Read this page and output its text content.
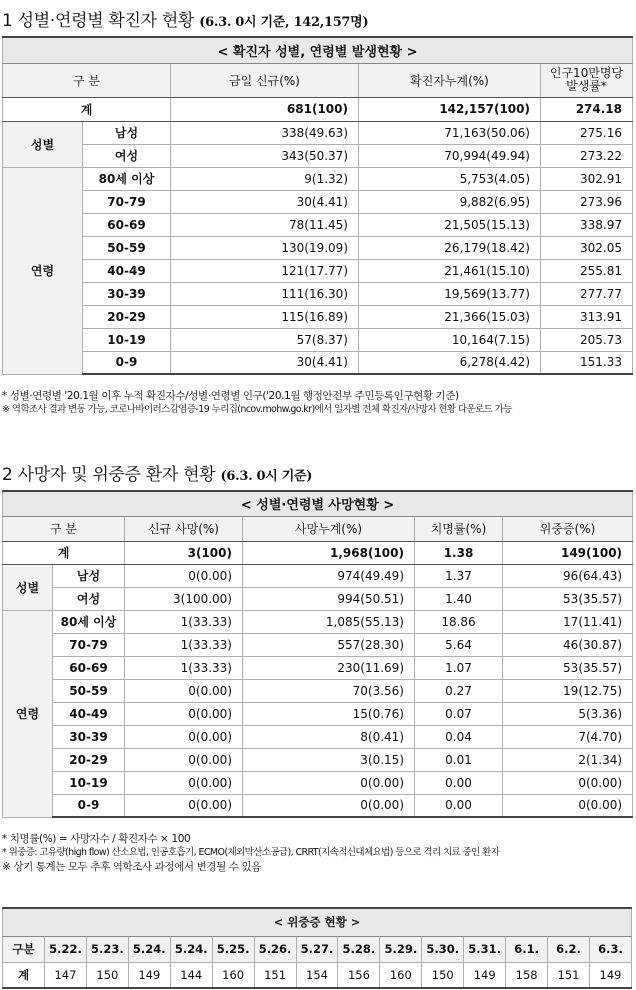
1 성별·연령별 확진자 현황 (6.3. 0시 기준, 142,157명)
< 확진자 성별, 연령별 발생현황 >				
구 분		금일 신규(%)	확진자누계(%)	인구10만명당 발생률*
계		681(100)	142,157(100)	274.18
성별	남성	338(49.63)	71,163(50.06)	275.16
	여성	343(50.37)	70,994(49.94)	273.22
연령	80세 이상	9(1.32)	5,753(4.05)	302.91
	70-79	30(4.41)	9,882(6.95)	273.96
	60-69	78(11.45)	21,505(15.13)	338.97
	50-59	130(19.09)	26,179(18.42)	302.05
	40-49	121(17.77)	21,461(15.10)	255.81
	30-39	111(16.30)	19,569(13.77)	277.77
	20-29	115(16.89)	21,366(15.03)	313.91
	10-19	57(8.37)	10,164(7.15)	205.73
	0-9	30(4.41)	6,278(4.42)	151.33
* 성별·연령별 '20.1월 이후 누적 확진자수/성별·연령별 인구('20.1월 행정안전부 주민등록인구현황 기준)
※ 역학조사 결과 변동 가능, 코로나바이러스감염증-19 누리집(ncov.mohw.go.kr)에서 일자별 전체 확진자/사망자 현황 다운로드 가능
2 사망자 및 위중증 환자 현황 (6.3. 0시 기준)
< 성별·연령별 사망현황 >					
구 분		신규 사망(%)	사망누계(%)	치명률(%)	위중증(%)
계		3(100)	1,968(100)	1.38	149(100)
성별	남성	0(0.00)	974(49.49)	1.37	96(64.43)
	여성	3(100.00)	994(50.51)	1.40	53(35.57)
연령	80세 이상	1(33.33)	1,085(55.13)	18.86	17(11.41)
	70-79	1(33.33)	557(28.30)	5.64	46(30.87)
	60-69	1(33.33)	230(11.69)	1.07	53(35.57)
	50-59	0(0.00)	70(3.56)	0.27	19(12.75)
	40-49	0(0.00)	15(0.76)	0.07	5(3.36)
	30-39	0(0.00)	8(0.41)	0.04	7(4.70)
	20-29	0(0.00)	3(0.15)	0.01	2(1.34)
	10-19	0(0.00)	0(0.00)	0.00	0(0.00)
	0-9	0(0.00)	0(0.00)	0.00	0(0.00)
* 치명률(%) = 사망자수 / 확진자수 × 100
* 위중증: 고유량(high flow) 산소요법, 인공호흡기, ECMO(체외막산소공급), CRRT(지속적신대체요법) 등으로 격리 치료 중인 환자
※ 상기 통계는 모두 추후 역학조사 과정에서 변경될 수 있음
< 위중증 현황 >														
구분	5.22.	5.23.	5.24.	5.24.	5.25.	5.26.	5.27.	5.28.	5.29.	5.30.	5.31.	6.1.	6.2.	6.3.
계	147	150	149	144	160	151	154	156	160	150	149	158	151	149
